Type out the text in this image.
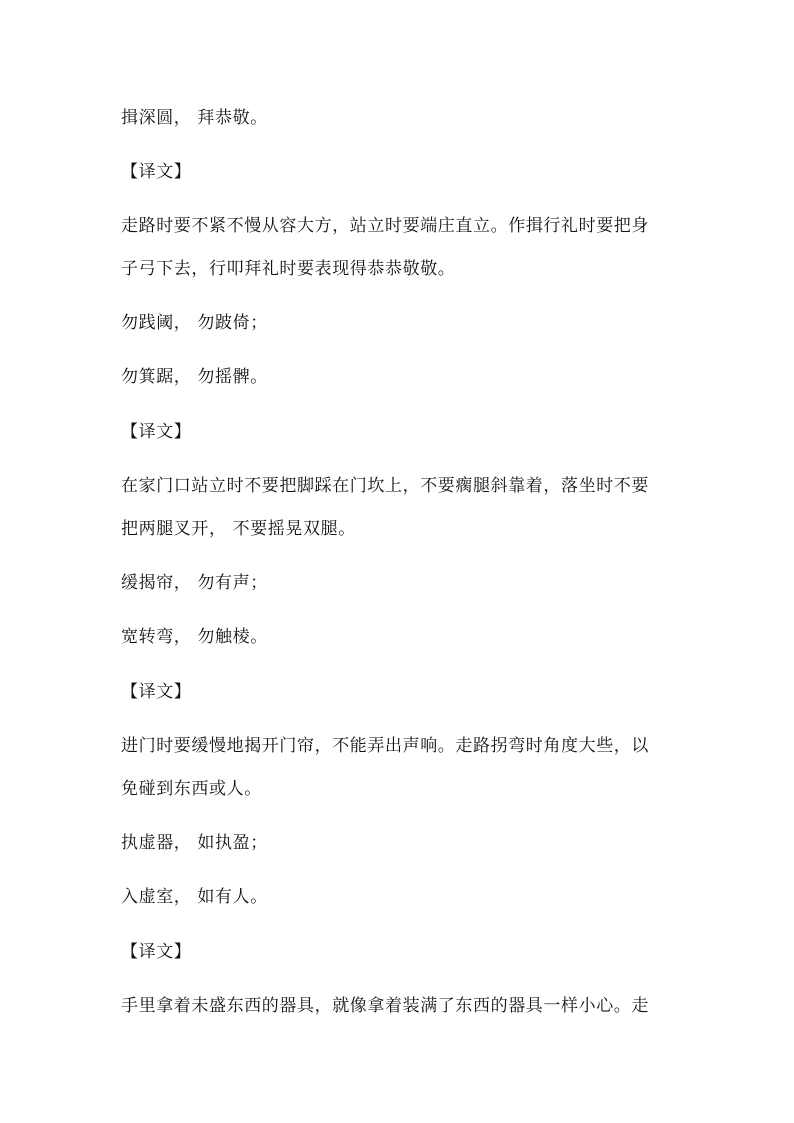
揖深圆， 拜恭敬。
【译文】
走路时要不紧不慢从容大方，站立时要端庄直立。作揖行礼时要把身
子弓下去，行叩拜礼时要表现得恭恭敬敬。
勿践阈， 勿跛倚；
勿箕踞， 勿摇髀。
【译文】
在家门口站立时不要把脚踩在门坎上，不要瘸腿斜靠着，落坐时不要
把两腿叉开， 不要摇晃双腿。
缓揭帘， 勿有声；
宽转弯， 勿触棱。
【译文】
进门时要缓慢地揭开门帘，不能弄出声响。走路拐弯时角度大些，以
免碰到东西或人。
执虚器， 如执盈；
入虚室， 如有人。
【译文】
手里拿着未盛东西的器具，就像拿着装满了东西的器具一样小心。走
